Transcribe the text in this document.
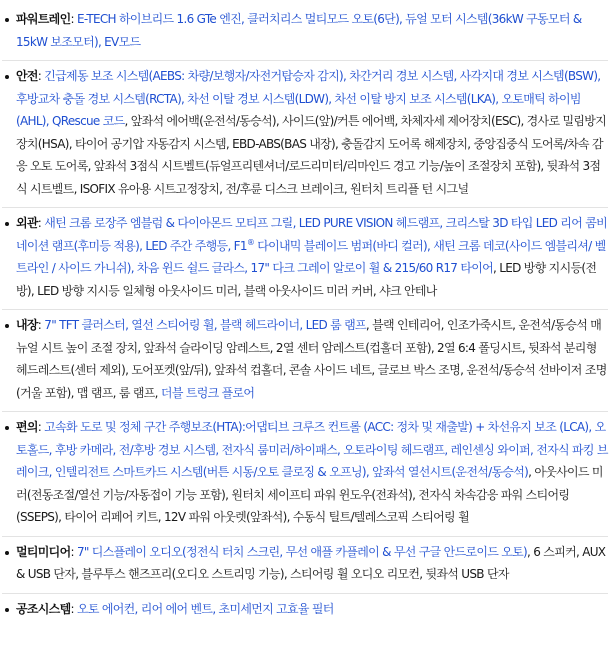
파워트레인: E-TECH 하이브리드 1.6 GTe 엔진, 클러치리스 멀티모드 오토(6단), 듀얼 모터 시스템(36kW 구동모터 & 15kW 보조모터), EV모드
안전: 긴급제동 보조 시스템(AEBS: 차량/보행자/자전거탑승자 감지), 차간거리 경보 시스템, 사각지대 경보 시스템(BSW), 후방교차 충돌 경보 시스템(RCTA), 차선 이탈 경보 시스템(LDW), 차선 이탈 방지 보조 시스템(LKA), 오토매틱 하이빔(AHL), QRescue 코드, 앞좌석 에어백(운전석/동승석), 사이드(앞)/커튼 에어백, 차체자세 제어장치(ESC), 경사로 밀림방지장치(HSA), 타이어 공기압 자동감지 시스템, EBD-ABS(BAS 내장), 충돌감지 도어록 해제장치, 중앙집중식 도어록/차속 감응 오토 도어록, 앞좌석 3점식 시트벨트(듀얼프리텐셔너/로드리미터/리마인드 경고 기능/높이 조절장치 포함), 뒷좌석 3점식 시트벨트, ISOFIX 유아용 시트고정장치, 전/후륜 디스크 브레이크, 원터치 트리플 턴 시그널
외관: 새틴 크롬 로장주 엠블럼 & 다이아몬드 모티프 그릴, LED PURE VISION 헤드램프, 크리스탈 3D 타입 LED 리어 콤비네이션 램프(후미등 적용), LED 주간 주행등, F1® 다이내믹 블레이드 범퍼(바디 컬러), 새틴 크롬 데코(사이드 엠블리셔/ 벨트라인 / 사이드 가니쉬), 차음 윈드 쉴드 글라스, 17" 다크 그레이 알로이 휠 & 215/60 R17 타이어, LED 방향 지시등(전방), LED 방향 지시등 일체형 아웃사이드 미러, 블랙 아웃사이드 미러 커버, 샤크 안테나
내장: 7" TFT 클러스터, 열선 스티어링 휠, 블랙 헤드라이너, LED 룸 램프, 블랙 인테리어, 인조가죽시트, 운전석/동승석 매뉴얼 시트 높이 조절 장치, 앞좌석 슬라이딩 암레스트, 2열 센터 암레스트(컵홀더 포함), 2열 6:4 폴딩시트, 뒷좌석 분리형 헤드레스트(센터 제외), 도어포켓(앞/뒤), 앞좌석 컵홀더, 콘솔 사이드 네트, 글로브 박스 조명, 운전석/동승석 선바이저 조명(거울 포함), 맵 램프, 룸 램프, 더블 트렁크 플로어
편의: 고속화 도로 및 정체 구간 주행보조(HTA):어댑티브 크루즈 컨트롤 (ACC: 정차 및 재출발) + 차선유지 보조 (LCA), 오토홀드, 후방 카메라, 전/후방 경보 시스템, 전자식 룸미러/하이패스, 오토라이팅 헤드램프, 레인센싱 와이퍼, 전자식 파킹 브레이크, 인텔리전트 스마트카드 시스템(버튼 시동/오토 클로징 & 오프닝), 앞좌석 열선시트(운전석/동승석), 아웃사이드 미러(전동조절/열선 기능/자동접이 기능 포함), 원터치 세이프티 파워 윈도우(전좌석), 전자식 차속감응 파워 스티어링(SSEPS), 타이어 리페어 키트, 12V 파워 아웃렛(앞좌석), 수동식 틸트/텔레스코픽 스티어링 휠
멀티미디어: 7" 디스플레이 오디오(정전식 터치 스크린, 무선 애플 카플레이 & 무선 구글 안드로이드 오토), 6 스피커, AUX & USB 단자, 블루투스 핸즈프리(오디오 스트리밍 기능), 스티어링 휠 오디오 리모컨, 뒷좌석 USB 단자
공조시스템: 오토 에어컨, 리어 에어 벤트, 초미세먼지 고효율 필터
